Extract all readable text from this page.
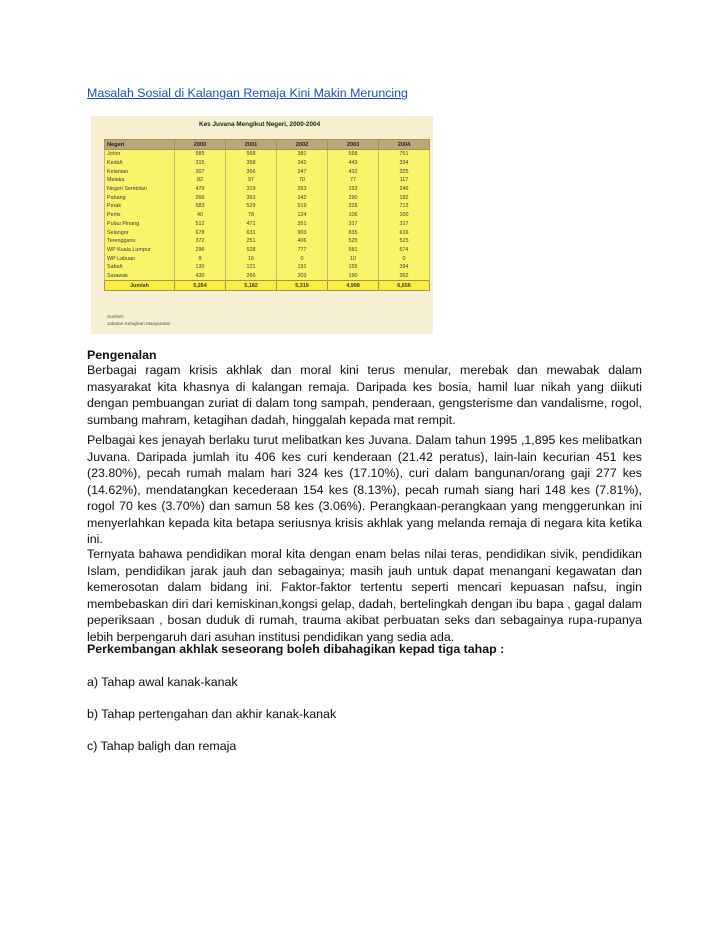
Masalah Sosial di Kalangan Remaja Kini Makin Meruncing
Kes Juvana Mengikut Negeri, 2000-2004
Negeri	2000	2001	2002	2003	2004
Johor	585	568	381	558	751
Kedah	315	358	342	443	334
Kelantan	307	366	347	432	325
Melaka	82	97	70	77	117
Negeri Sembilan	479	319	263	153	246
Pahang	266	363	342	290	182
Perak	583	529	519	328	713
Perlis	40	78	124	106	100
Pulau Pinang	512	471	351	317	317
Selangor	678	631	903	835	616
Terengganu	372	251	406	525	525
WP Kuala Lumpur	296	528	777	581	674
WP Labuan	9	16	0	10	0
Sabah	130	121	191	155	394
Sarawak	430	266	303	190	362
Jumlah	5,264	5,182	5,319	4,998	6,656
Sumber:
Jabatan Kebajikan Masyarakat
Pengenalan

Berbagai ragam krisis akhlak dan moral kini terus menular, merebak dan mewabak dalam masyarakat kita khasnya di kalangan remaja. Daripada kes bosia, hamil luar nikah yang diikuti dengan pembuangan zuriat di dalam tong sampah, penderaan, gengsterisme dan vandalisme, rogol, sumbang mahram, ketagihan dadah, hinggalah kepada mat rempit.

Pelbagai kes jenayah berlaku turut melibatkan kes Juvana. Dalam tahun 1995 ,1,895 kes melibatkan Juvana. Daripada jumlah itu 406 kes curi kenderaan (21.42 peratus), lain-lain kecurian 451 kes (23.80%), pecah rumah malam hari 324 kes (17.10%), curi dalam bangunan/orang gaji 277 kes (14.62%), mendatangkan kecederaan 154 kes (8.13%), pecah rumah siang hari 148 kes (7.81%), rogol 70 kes (3.70%) dan samun 58 kes (3.06%). Perangkaan-perangkaan yang menggerunkan ini menyerlahkan kepada kita betapa seriusnya krisis akhlak yang melanda remaja di negara kita ketika ini.

Ternyata bahawa pendidikan moral kita dengan enam belas nilai teras, pendidikan sivik, pendidikan Islam, pendidikan jarak jauh dan sebagainya; masih jauh untuk dapat menangani kegawatan dan kemerosotan dalam bidang ini. Faktor-faktor tertentu seperti mencari kepuasan nafsu, ingin membebaskan diri dari kemiskinan,kongsi gelap, dadah, bertelingkah dengan ibu bapa , gagal dalam peperiksaan , bosan duduk di rumah, trauma akibat perbuatan seks dan sebagainya rupa-rupanya lebih berpengaruh dari asuhan institusi pendidikan yang sedia ada.

Perkembangan akhlak seseorang boleh dibahagikan kepad tiga tahap :
a) Tahap awal kanak-kanak
b) Tahap pertengahan dan akhir kanak-kanak
c) Tahap baligh dan remaja
